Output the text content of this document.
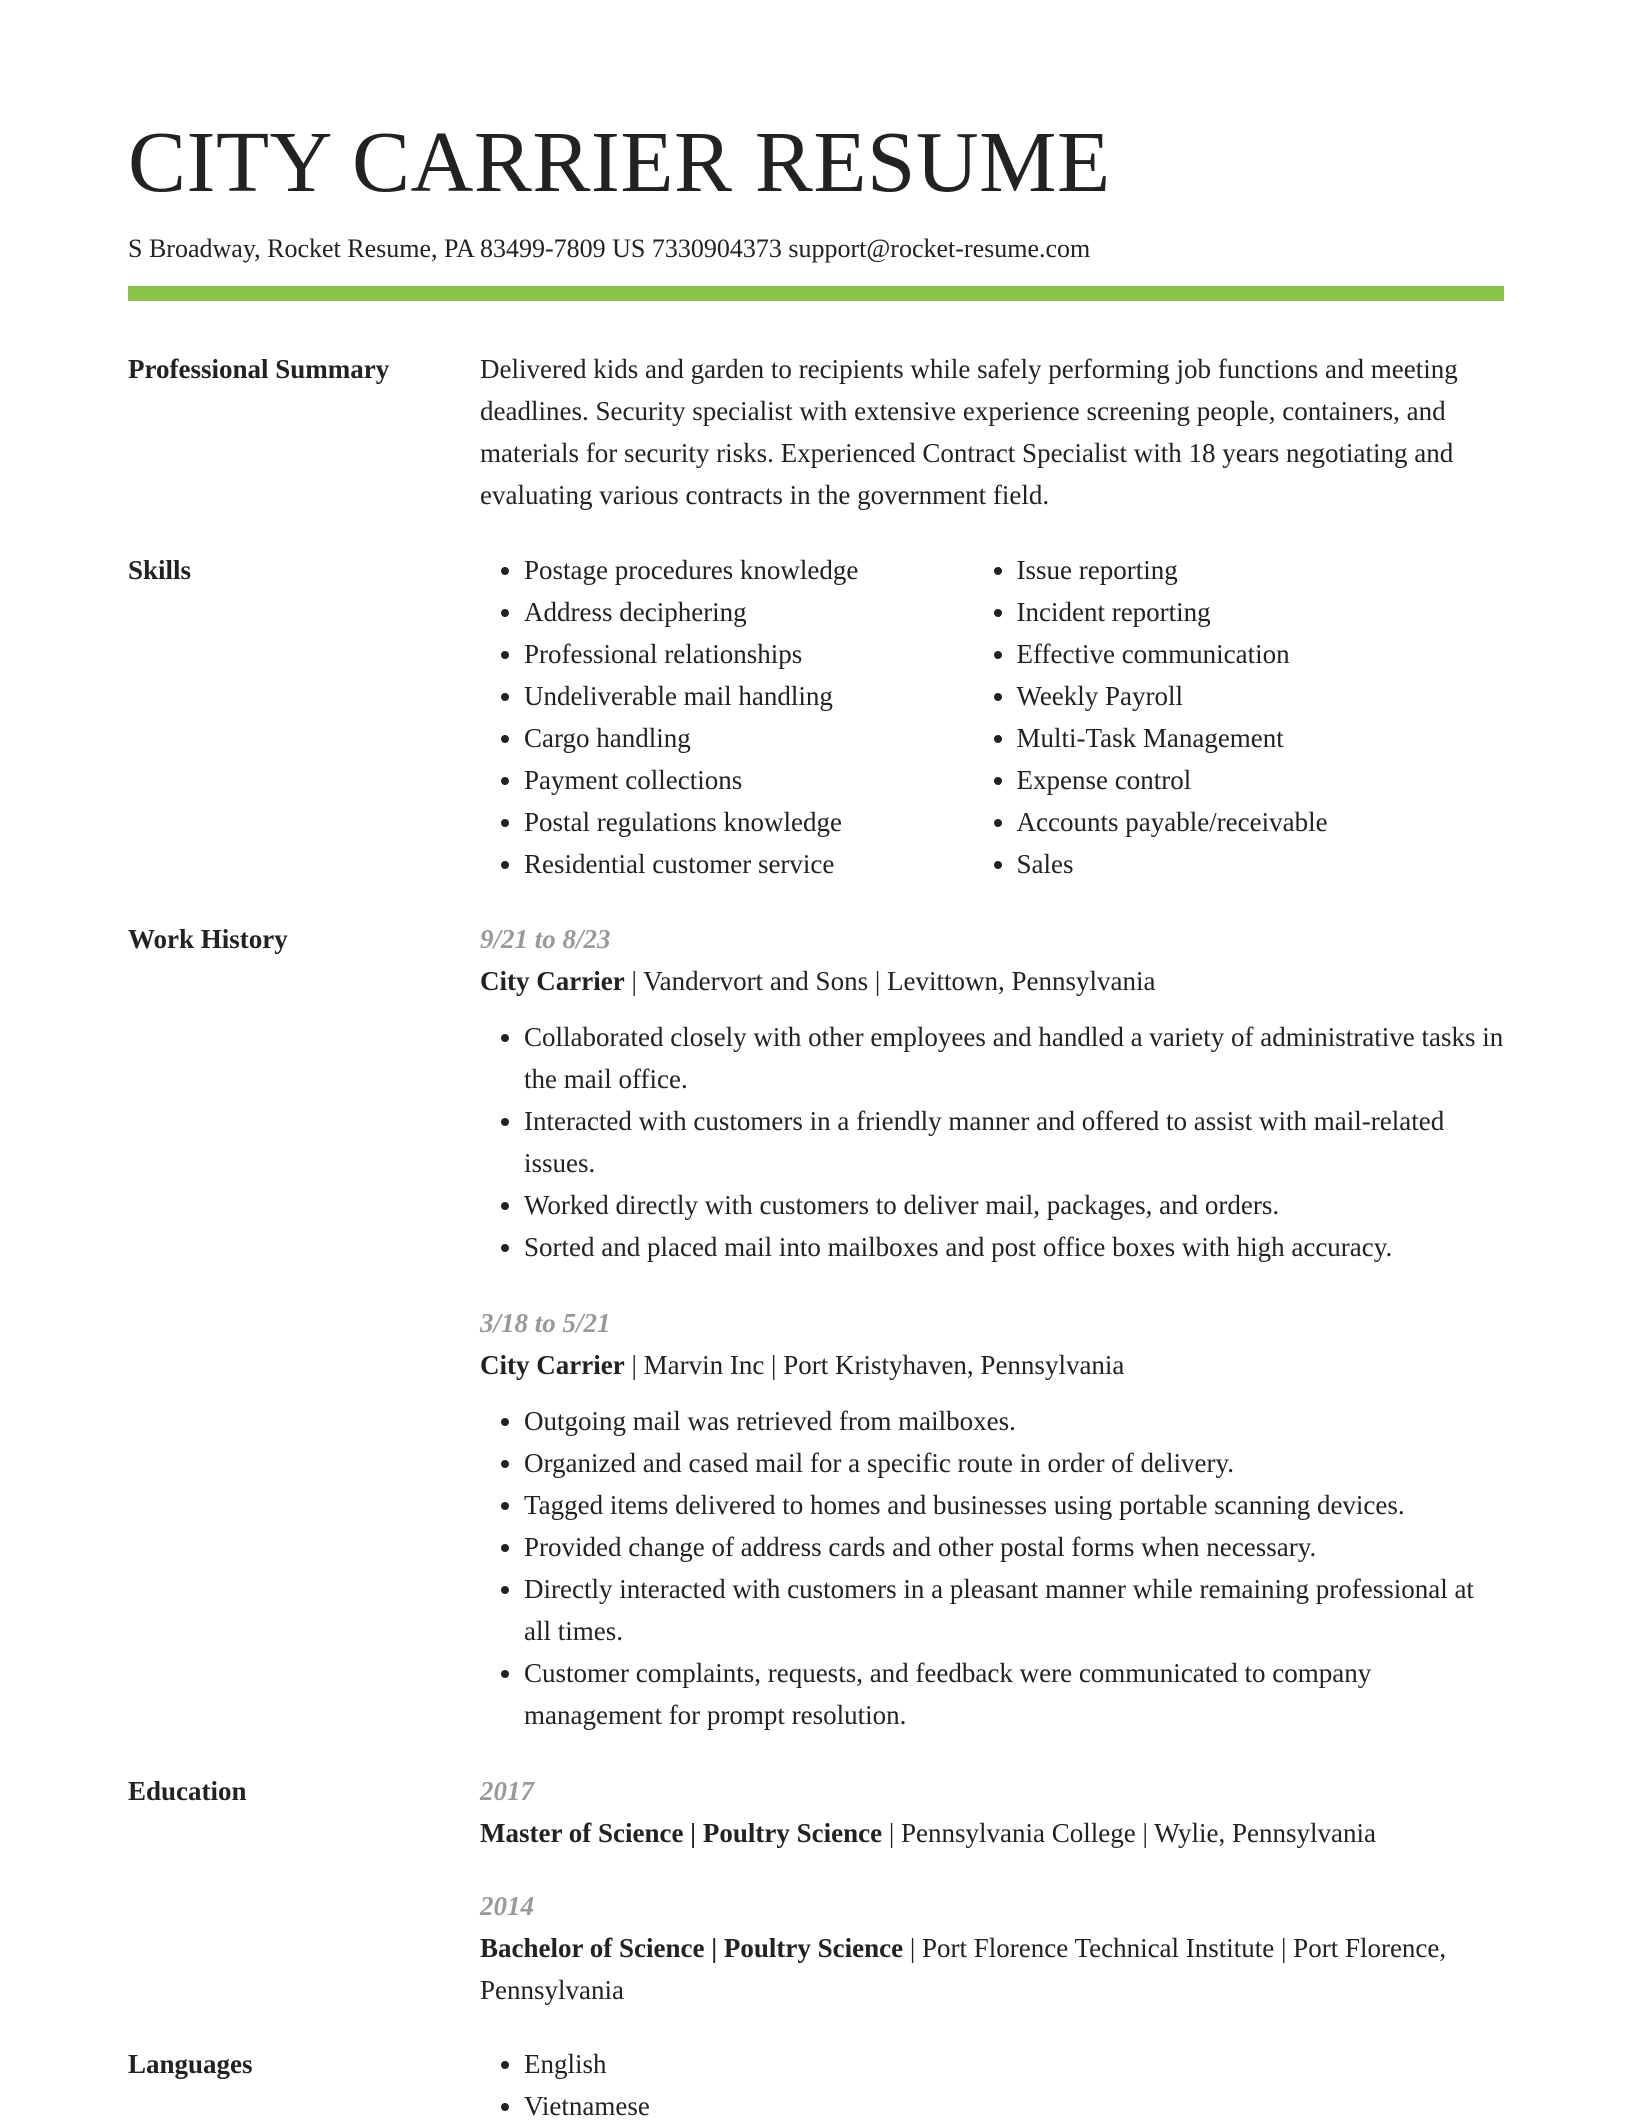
CITY CARRIER RESUME
S Broadway, Rocket Resume, PA 83499-7809 US 7330904373 support@rocket-resume.com
Professional Summary	Delivered kids and garden to recipients while safely performing job functions and meeting deadlines. Security specialist with extensive experience screening people, containers, and materials for security risks. Experienced Contract Specialist with 18 years negotiating and evaluating various contracts in the government field.

Skills	• Postage procedures knowledge
• Address deciphering
• Professional relationships
• Undeliverable mail handling
• Cargo handling
• Payment collections
• Postal regulations knowledge
• Residential customer service
• Issue reporting
• Incident reporting
• Effective communication
• Weekly Payroll
• Multi-Task Management
• Expense control
• Accounts payable/receivable
• Sales
Work History	9/21 to 8/23
City Carrier | Vandervort and Sons | Levittown, Pennsylvania
• Collaborated closely with other employees and handled a variety of administrative tasks in the mail office.
• Interacted with customers in a friendly manner and offered to assist with mail-related issues.
• Worked directly with customers to deliver mail, packages, and orders.
• Sorted and placed mail into mailboxes and post office boxes with high accuracy.
3/18 to 5/21
City Carrier | Marvin Inc | Port Kristyhaven, Pennsylvania
• Outgoing mail was retrieved from mailboxes.
• Organized and cased mail for a specific route in order of delivery.
• Tagged items delivered to homes and businesses using portable scanning devices.
• Provided change of address cards and other postal forms when necessary.
• Directly interacted with customers in a pleasant manner while remaining professional at all times.
• Customer complaints, requests, and feedback were communicated to company management for prompt resolution.
Education	2017
Master of Science | Poultry Science | Pennsylvania College | Wylie, Pennsylvania
2014
Bachelor of Science | Poultry Science | Port Florence Technical Institute | Port Florence, Pennsylvania
Languages	• English
• Vietnamese
